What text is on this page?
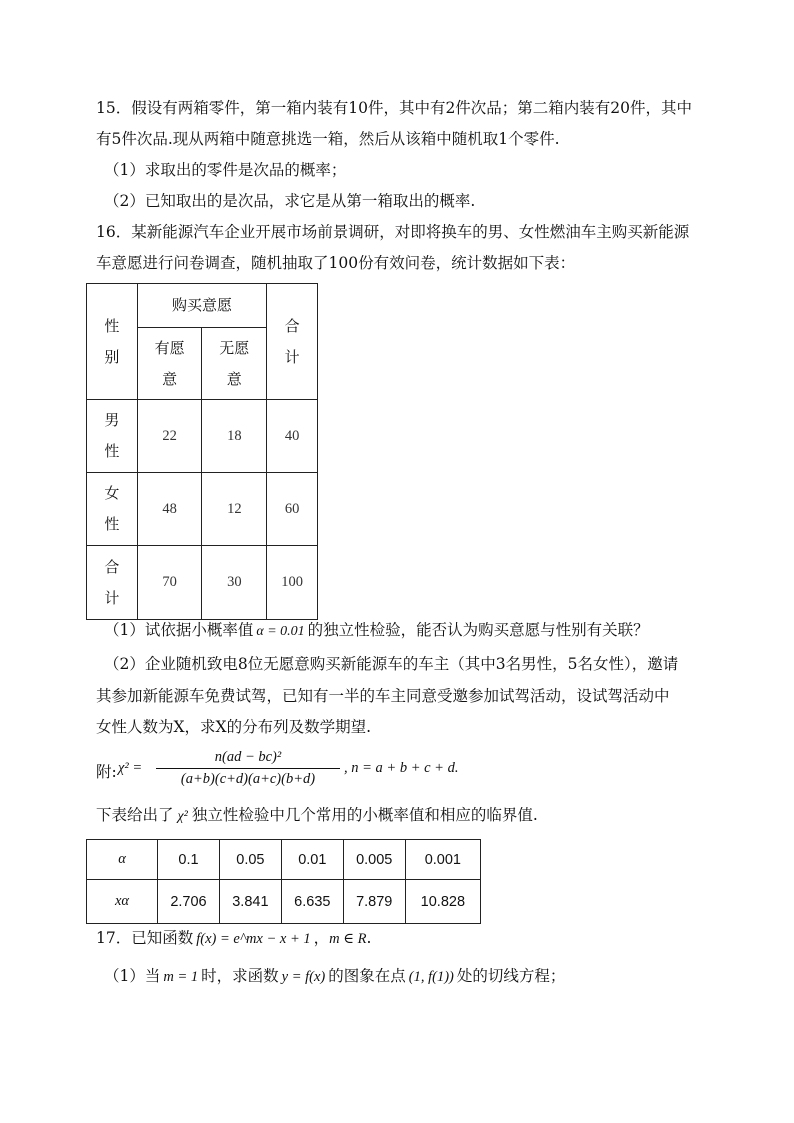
15．假设有两箱零件，第一箱内装有10件，其中有2件次品；第二箱内装有20件，其中
有5件次品.现从两箱中随意挑选一箱，然后从该箱中随机取1个零件.
（1）求取出的零件是次品的概率；
（2）已知取出的是次品，求它是从第一箱取出的概率.
16．某新能源汽车企业开展市场前景调研，对即将换车的男、女性燃油车主购买新能源
车意愿进行问卷调查，随机抽取了100份有效问卷，统计数据如下表：
性别	购买意愿		合计
	有愿意	无愿意	
男性	22	18	40
女性	48	12	60
合计	70	30	100
（1）试依据小概率值 α = 0.01 的独立性检验，能否认为购买意愿与性别有关联？
（2）企业随机致电8位无愿意购买新能源车的车主（其中3名男性，5名女性），邀请
其参加新能源车免费试驾，已知有一半的车主同意受邀参加试驾活动，设试驾活动中
女性人数为X，求X的分布列及数学期望.
附: χ² =
n(ad − bc)²
(a+b)(c+d)(a+c)(b+d)
, n = a + b + c + d.
下表给出了 χ² 独立性检验中几个常用的小概率值和相应的临界值.
α	0.1	0.05	0.01	0.005	0.001
xα	2.706	3.841	6.635	7.879	10.828
17．已知函数 f(x) = e^mx − x + 1 ，m ∈ R.
（1）当 m = 1 时，求函数 y = f(x) 的图象在点 (1, f(1)) 处的切线方程；
